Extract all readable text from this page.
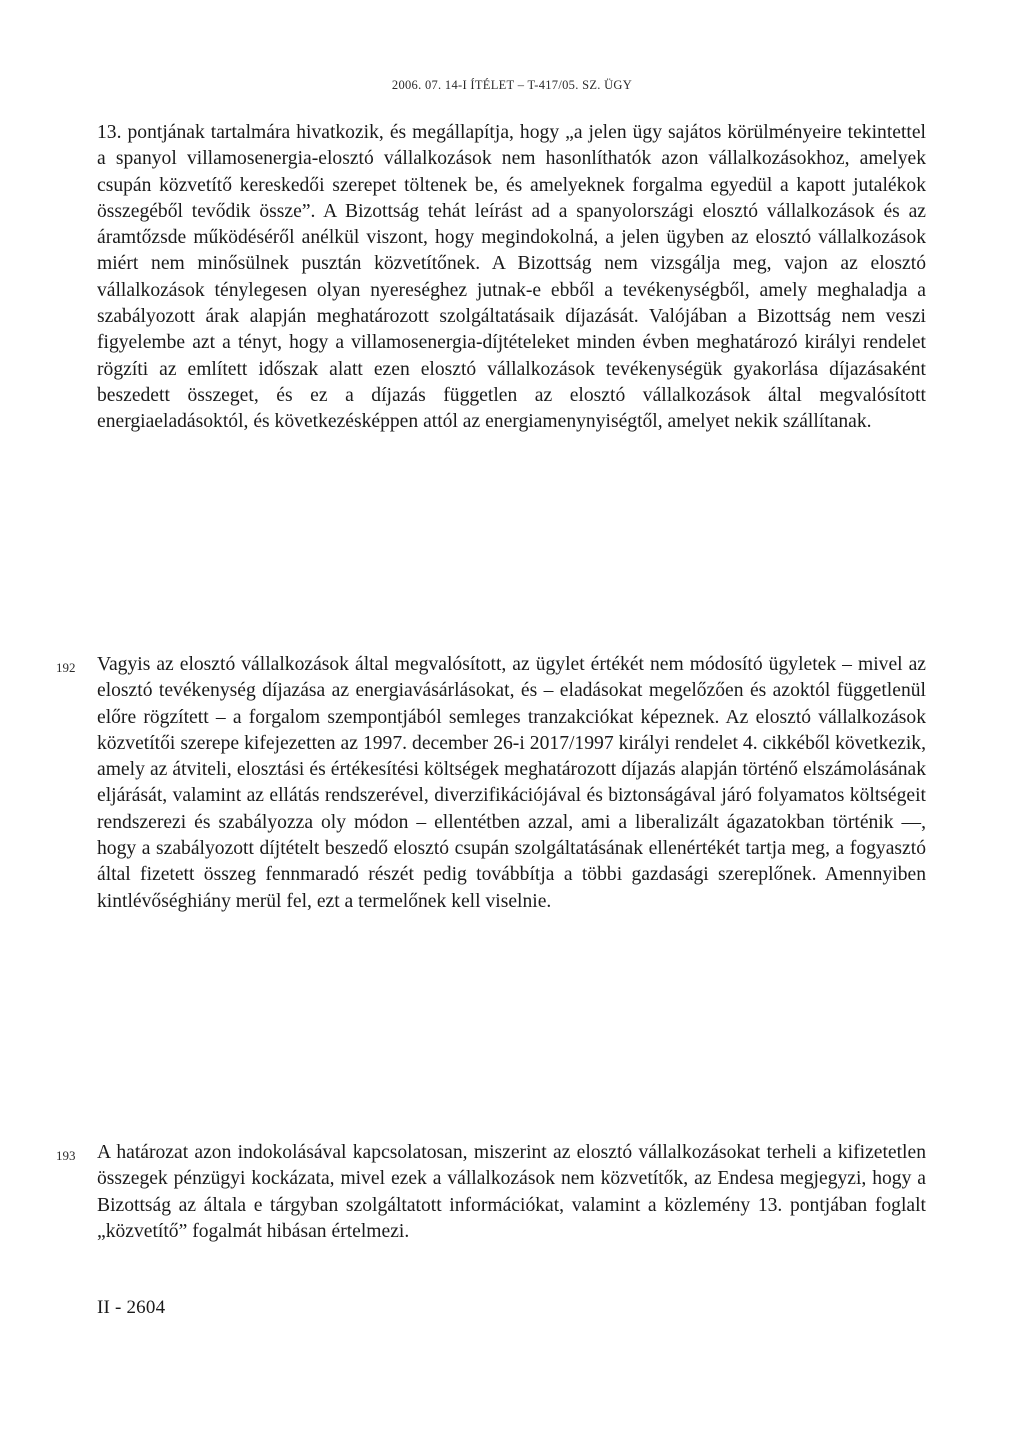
2006. 07. 14-I ÍTÉLET – T-417/05. SZ. ÜGY
13. pontjának tartalmára hivatkozik, és megállapítja, hogy „a jelen ügy sajátos körülményeire tekintettel a spanyol villamosenergia-elosztó vállalkozások nem hasonlíthatók azon vállalkozásokhoz, amelyek csupán közvetítő kereskedői szerepet töltenek be, és amelyeknek forgalma egyedül a kapott jutalékok összegéből tevődik össze”. A Bizottság tehát leírást ad a spanyolországi elosztó vállalkozások és az áramtőzsde működéséről anélkül viszont, hogy megindokolná, a jelen ügyben az elosztó vállalkozások miért nem minősülnek pusztán közvetítőnek. A Bizottság nem vizsgálja meg, vajon az elosztó vállalkozások ténylegesen olyan nyereséghez jutnak-e ebből a tevékenységből, amely meghaladja a szabályozott árak alapján meghatározott szolgáltatásaik díjazását. Valójában a Bizottság nem veszi figyelembe azt a tényt, hogy a villamosenergia-díjtételeket minden évben meghatározó királyi rendelet rögzíti az említett időszak alatt ezen elosztó vállalkozások tevékenységük gyakorlása díjazásaként beszedett összeget, és ez a díjazás független az elosztó vállalkozások által megvalósított energiaeladásoktól, és következésképpen attól az energiamenynyiségtől, amelyet nekik szállítanak.
192 Vagyis az elosztó vállalkozások által megvalósított, az ügylet értékét nem módosító ügyletek – mivel az elosztó tevékenység díjazása az energiavásárlásokat, és – eladásokat megelőzően és azoktól függetlenül előre rögzített – a forgalom szempontjából semleges tranzakciókat képeznek. Az elosztó vállalkozások közvetítői szerepe kifejezetten az 1997. december 26-i 2017/1997 királyi rendelet 4. cikkéből következik, amely az átviteli, elosztási és értékesítési költségek meghatározott díjazás alapján történő elszámolásának eljárását, valamint az ellátás rendszerével, diverzifikációjával és biztonságával járó folyamatos költségeit rendszerezi és szabályozza oly módon – ellentétben azzal, ami a liberalizált ágazatokban történik —, hogy a szabályozott díjtételt beszedő elosztó csupán szolgáltatásának ellenértékét tartja meg, a fogyasztó által fizetett összeg fennmaradó részét pedig továbbítja a többi gazdasági szereplőnek. Amennyiben kintlévőséghiány merül fel, ezt a termelőnek kell viselnie.
193 A határozat azon indokolásával kapcsolatosan, miszerint az elosztó vállalkozásokat terheli a kifizetetlen összegek pénzügyi kockázata, mivel ezek a vállalkozások nem közvetítők, az Endesa megjegyzi, hogy a Bizottság az általa e tárgyban szolgáltatott információkat, valamint a közlemény 13. pontjában foglalt „közvetítő” fogalmát hibásan értelmezi.
II - 2604
